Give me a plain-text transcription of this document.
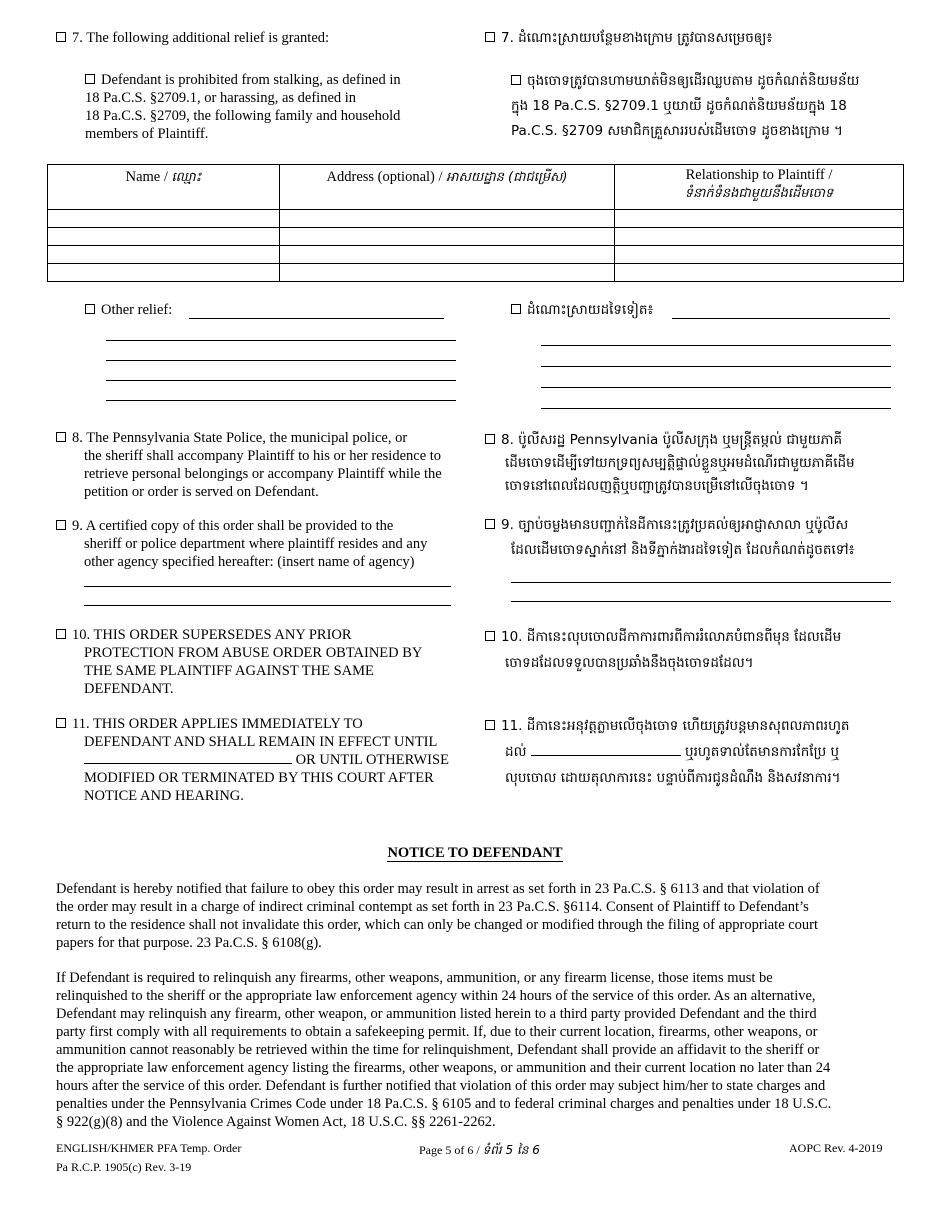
7. The following additional relief is granted:	7. ដំណោះស្រាយបន្ថែមខាងក្រោម ត្រូវបានសម្រេចឲ្យ៖
Defendant is prohibited from stalking, as defined in
18 Pa.C.S. §2709.1, or harassing, as defined in
18 Pa.C.S. §2709, the following family and household
members of Plaintiff.
ចុងចោទត្រូវបានហាមឃាត់មិនឲ្យដើរឈ្លបតាម ដូចកំណត់និយមន័យ
ក្នុង 18 Pa.C.S. §2709.1 ឬយាយី ដូចកំណត់និយមន័យក្នុង 18
Pa.C.S. §2709 សមាជិកគ្រួសាររបស់ដើមចោទ ដូចខាងក្រោម ។
Name / ឈ្មោះ	Address (optional) / អាសយដ្ឋាន (ជាជម្រើស)	Relationship to Plaintiff /
ទំនាក់ទំនងជាមួយនឹងដើមចោទ

Other relief:	ដំណោះស្រាយដទៃទៀត៖
8. The Pennsylvania State Police, the municipal police, or
the sheriff shall accompany Plaintiff to his or her residence to
retrieve personal belongings or accompany Plaintiff while the
petition or order is served on Defendant.
8. ប៉ូលីសរដ្ឋ Pennsylvania ប៉ូលីសក្រុង ឬមន្ត្រីតម្កល់ ជាមួយភាគី
ដើមចោទដើម្បីទៅយកទ្រព្យសម្បត្តិផ្ទាល់ខ្លួនឬអមដំណើរជាមួយភាគីដើម
ចោទនៅពេលដែលញត្តិឬបញ្ជាត្រូវបានបម្រើនៅលើចុងចោទ ។
9. A certified copy of this order shall be provided to the
sheriff or police department where plaintiff resides and any
other agency specified hereafter: (insert name of agency)
9. ច្បាប់ចម្លងមានបញ្ជាក់នៃដីកានេះត្រូវប្រគល់ឲ្យអាជ្ញាសាលា ឬប៉ូលីស
ដែលដើមចោទស្នាក់នៅ និងទីភ្នាក់ងារដទៃទៀត ដែលកំណត់ដូចតទៅ៖
10. THIS ORDER SUPERSEDES ANY PRIOR
PROTECTION FROM ABUSE ORDER OBTAINED BY
THE SAME PLAINTIFF AGAINST THE SAME
DEFENDANT.
10. ដីកានេះលុបចោលដីកាការពារពីការរំលោភបំពានពីមុន ដែលដើម
ចោទដដែលទទួលបានប្រឆាំងនឹងចុងចោទដដែល។
11. THIS ORDER APPLIES IMMEDIATELY TO
DEFENDANT AND SHALL REMAIN IN EFFECT UNTIL
OR UNTIL OTHERWISE
MODIFIED OR TERMINATED BY THIS COURT AFTER
NOTICE AND HEARING.
11. ដីកានេះអនុវត្តភ្លាមលើចុងចោទ ហើយត្រូវបន្តមានសុពលភាពរហូត
ដល់	ឬរហូតទាល់តែមានការកែប្រែ ឬ
លុបចោល ដោយតុលាការនេះ បន្ទាប់ពីការជូនដំណឹង និងសវនាការ។
NOTICE TO DEFENDANT
Defendant is hereby notified that failure to obey this order may result in arrest as set forth in 23 Pa.C.S. § 6113 and that violation of
the order may result in a charge of indirect criminal contempt as set forth in 23 Pa.C.S. §6114. Consent of Plaintiff to Defendant’s
return to the residence shall not invalidate this order, which can only be changed or modified through the filing of appropriate court
papers for that purpose. 23 Pa.C.S. § 6108(g).
If Defendant is required to relinquish any firearms, other weapons, ammunition, or any firearm license, those items must be
relinquished to the sheriff or the appropriate law enforcement agency within 24 hours of the service of this order. As an alternative,
Defendant may relinquish any firearm, other weapon, or ammunition listed herein to a third party provided Defendant and the third
party first comply with all requirements to obtain a safekeeping permit. If, due to their current location, firearms, other weapons, or
ammunition cannot reasonably be retrieved within the time for relinquishment, Defendant shall provide an affidavit to the sheriff or
the appropriate law enforcement agency listing the firearms, other weapons, or ammunition and their current location no later than 24
hours after the service of this order. Defendant is further notified that violation of this order may subject him/her to state charges and
penalties under the Pennsylvania Crimes Code under 18 Pa.C.S. § 6105 and to federal criminal charges and penalties under 18 U.S.C.
§ 922(g)(8) and the Violence Against Women Act, 18 U.S.C. §§ 2261-2262.
ENGLISH/KHMER PFA Temp. Order
Pa R.C.P. 1905(c) Rev. 3-19
Page 5 of 6 / ទំព័រ 5 នៃ 6	AOPC Rev. 4-2019
